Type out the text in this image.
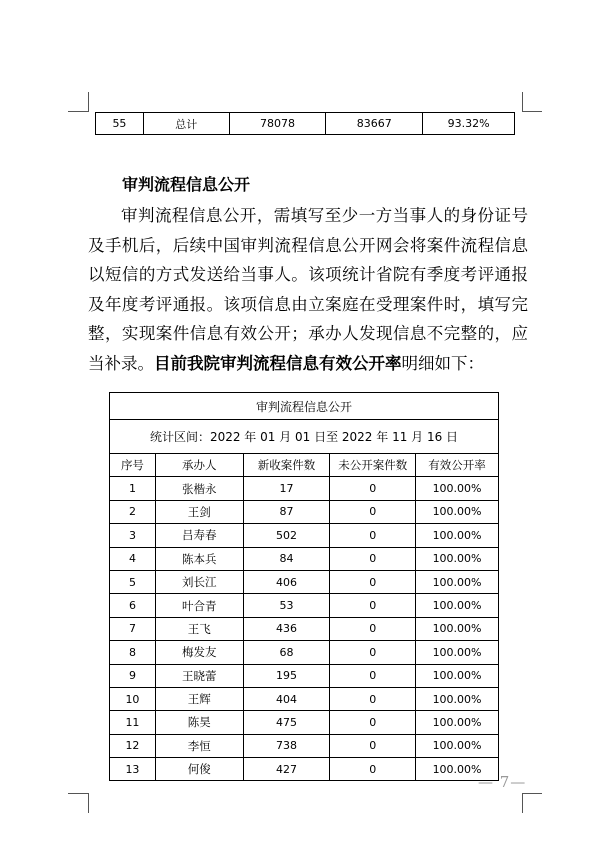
55	总计	78078	83667	93.32%
审判流程信息公开
审判流程信息公开，需填写至少一方当事人的身份证号及手机后，后续中国审判流程信息公开网会将案件流程信息以短信的方式发送给当事人。该项统计省院有季度考评通报及年度考评通报。该项信息由立案庭在受理案件时，填写完整，实现案件信息有效公开；承办人发现信息不完整的，应当补录。目前我院审判流程信息有效公开率明细如下：
审判流程信息公开				
统计区间：2022 年 01 月 01 日至 2022 年 11 月 16 日				
序号	承办人	新收案件数	未公开案件数	有效公开率
1	张楷永	17	0	100.00%
2	王剑	87	0	100.00%
3	吕寿春	502	0	100.00%
4	陈本兵	84	0	100.00%
5	刘长江	406	0	100.00%
6	叶合青	53	0	100.00%
7	王飞	436	0	100.00%
8	梅发友	68	0	100.00%
9	王晓蕾	195	0	100.00%
10	王辉	404	0	100.00%
11	陈昊	475	0	100.00%
12	李恒	738	0	100.00%
13	何俊	427	0	100.00%
— 7—
